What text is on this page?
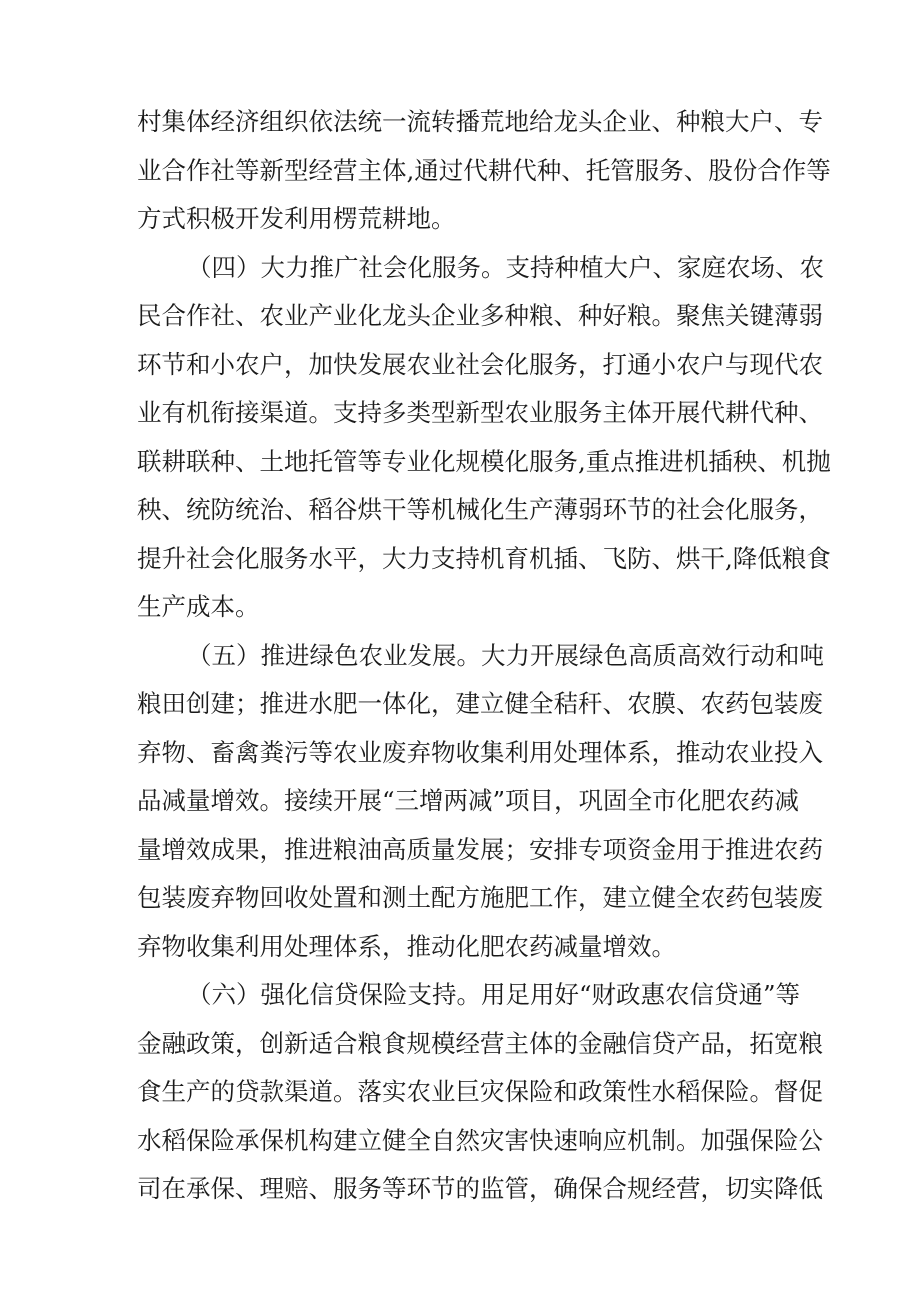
村集体经济组织依法统一流转播荒地给龙头企业、种粮大户、专
业合作社等新型经营主体,通过代耕代种、托管服务、股份合作等
方式积极开发利用楞荒耕地。
（四）大力推广社会化服务。支持种植大户、家庭农场、农
民合作社、农业产业化龙头企业多种粮、种好粮。聚焦关键薄弱
环节和小农户，加快发展农业社会化服务，打通小农户与现代农
业有机衔接渠道。支持多类型新型农业服务主体开展代耕代种、
联耕联种、土地托管等专业化规模化服务,重点推进机插秧、机抛
秧、统防统治、稻谷烘干等机械化生产薄弱环节的社会化服务，
提升社会化服务水平，大力支持机育机插、飞防、烘干,降低粮食
生产成本。
（五）推进绿色农业发展。大力开展绿色高质高效行动和吨
粮田创建；推进水肥一体化，建立健全秸秆、农膜、农药包装废
弃物、畜禽粪污等农业废弃物收集利用处理体系，推动农业投入
品减量增效。接续开展“三增两减”项目，巩固全市化肥农药减
量增效成果，推进粮油高质量发展；安排专项资金用于推进农药
包装废弃物回收处置和测土配方施肥工作，建立健全农药包装废
弃物收集利用处理体系，推动化肥农药减量增效。
（六）强化信贷保险支持。用足用好“财政惠农信贷通”等
金融政策，创新适合粮食规模经营主体的金融信贷产品，拓宽粮
食生产的贷款渠道。落实农业巨灾保险和政策性水稻保险。督促
水稻保险承保机构建立健全自然灾害快速响应机制。加强保险公
司在承保、理赔、服务等环节的监管，确保合规经营，切实降低
